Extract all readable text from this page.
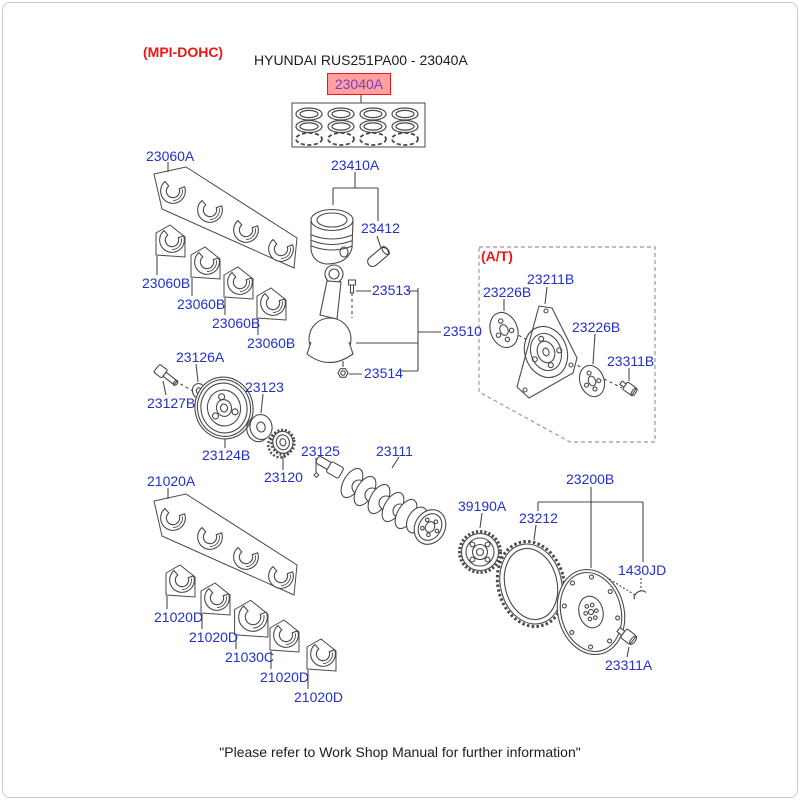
(MPI-DOHC) HYUNDAI RUS251PA00 - 23040A
23040A
23060A
23410A
23412
23513
23510
23514
23060B
23060B
23060B
23060B
23126A
23127B
23123
23124B
23120
23125	23111
21020A
21020D
21020D
21030C
21020D
21020D
(A/T)
23226B
23211B
23226B
23311B
39190A
23212
23200B
1430JD
23311A
"Please refer to Work Shop Manual for further information"
